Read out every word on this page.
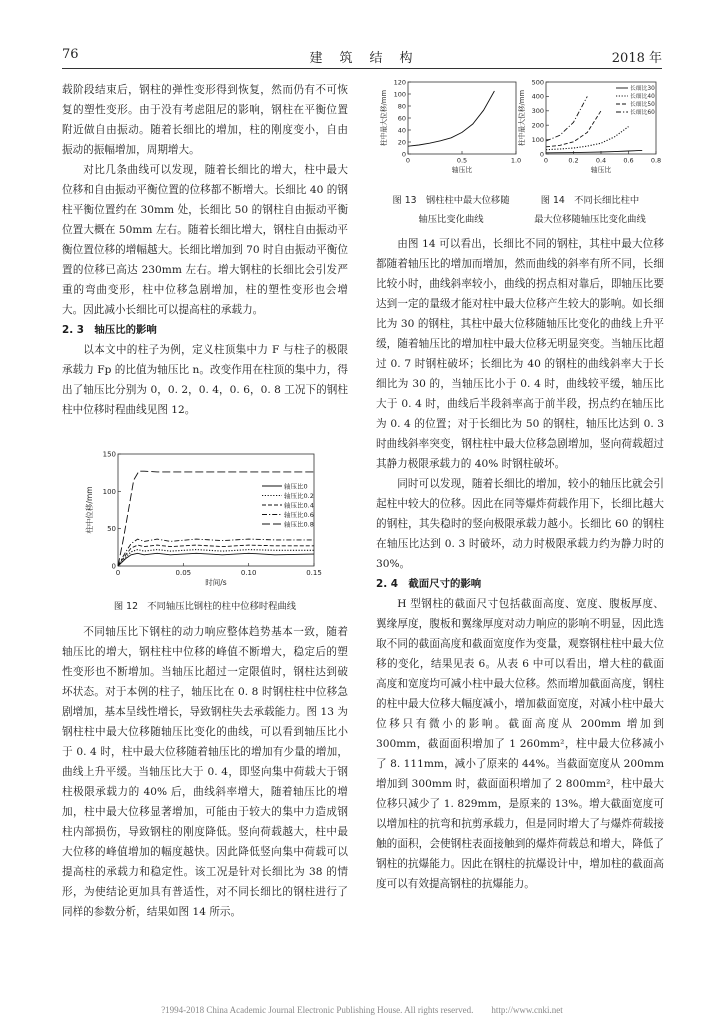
76	建　筑　结　构	2018 年

载阶段结束后，钢柱的弹性变形得到恢复，然而仍有不可恢复的塑性变形。由于没有考虑阻尼的影响，钢柱在平衡位置附近做自由振动。随着长细比的增加，柱的刚度变小，自由振动的振幅增加，周期增大。

对比几条曲线可以发现，随着长细比的增大，柱中最大位移和自由振动平衡位置的位移都不断增大。长细比 40 的钢柱平衡位置约在 30mm 处，长细比 50 的钢柱自由振动平衡位置大概在 50mm 左右。随着长细比增大，钢柱自由振动平衡位置位移的增幅越大。长细比增加到 70 时自由振动平衡位置的位移已高达 230mm 左右。增大钢柱的长细比会引发严重的弯曲变形，柱中位移急剧增加，柱的塑性变形也会增大。因此减小长细比可以提高柱的承载力。

2. 3　轴压比的影响

以本文中的柱子为例，定义柱顶集中力 F 与柱子的极限承载力 Fp 的比值为轴压比 n。改变作用在柱顶的集中力，得出了轴压比分别为 0，0. 2，0. 4，0. 6，0. 8 工况下的钢柱柱中位移时程曲线见图 12。

0	0.05	0.10	0.15
0
50
100
150
时间/s
柱中位移/mm
轴压比0
轴压比0.2
轴压比0.4
轴压比0.6
轴压比0.8
图 12　不同轴压比钢柱的柱中位移时程曲线

不同轴压比下钢柱的动力响应整体趋势基本一致，随着轴压比的增大，钢柱柱中位移的峰值不断增大，稳定后的塑性变形也不断增加。当轴压比超过一定限值时，钢柱达到破坏状态。对于本例的柱子，轴压比在 0. 8 时钢柱柱中位移急剧增加，基本呈线性增长，导致钢柱失去承载能力。图 13 为钢柱柱中最大位移随轴压比变化的曲线，可以看到轴压比小于 0. 4 时，柱中最大位移随着轴压比的增加有少量的增加，曲线上升平缓。当轴压比大于 0. 4，即竖向集中荷载大于钢柱极限承载力的 40% 后，曲线斜率增大，随着轴压比的增加，柱中最大位移显著增加，可能由于较大的集中力造成钢柱内部损伤，导致钢柱的刚度降低。竖向荷载越大，柱中最大位移的峰值增加的幅度越快。因此降低竖向集中荷载可以提高柱的承载力和稳定性。该工况是针对长细比为 38 的情形，为使结论更加具有普适性，对不同长细比的钢柱进行了同样的参数分析，结果如图 14 所示。

0	0.5	1.0
0
20
40
60
80
100
120
轴压比
柱中最大位移/mm
0	0.2	0.4	0.6	0.8
0
100
200
300
400
500
轴压比
柱中最大位移/mm
长细比30
长细比40
长细比50
长细比60
图 13　钢柱柱中最大位移随
轴压比变化曲线
图 14　不同长细比柱中
最大位移随轴压比变化曲线

由图 14 可以看出，长细比不同的钢柱，其柱中最大位移都随着轴压比的增加而增加，然而曲线的斜率有所不同，长细比较小时，曲线斜率较小，曲线的拐点相对靠后，即轴压比要达到一定的量级才能对柱中最大位移产生较大的影响。如长细比为 30 的钢柱，其柱中最大位移随轴压比变化的曲线上升平缓，随着轴压比的增加柱中最大位移无明显突变。当轴压比超过 0. 7 时钢柱破坏；长细比为 40 的钢柱的曲线斜率大于长细比为 30 的，当轴压比小于 0. 4 时，曲线较平缓，轴压比大于 0. 4 时，曲线后半段斜率高于前半段，拐点约在轴压比为 0. 4 的位置；对于长细比为 50 的钢柱，轴压比达到 0. 3 时曲线斜率突变，钢柱柱中最大位移急剧增加，竖向荷载超过其静力极限承载力的 40% 时钢柱破坏。

同时可以发现，随着长细比的增加，较小的轴压比就会引起柱中较大的位移。因此在同等爆炸荷载作用下，长细比越大的钢柱，其失稳时的竖向极限承载力越小。长细比 60 的钢柱在轴压比达到 0. 3 时破坏，动力时极限承载力约为静力时的 30%。

2. 4　截面尺寸的影响

H 型钢柱的截面尺寸包括截面高度、宽度、腹板厚度、翼缘厚度，腹板和翼缘厚度对动力响应的影响不明显，因此选取不同的截面高度和截面宽度作为变量，观察钢柱柱中最大位移的变化，结果见表 6。从表 6 中可以看出，增大柱的截面高度和宽度均可减小柱中最大位移。然而增加截面高度，钢柱的柱中最大位移大幅度减小，增加截面宽度，对减小柱中最大位移只有微小的影响。截面高度从 200mm 增加到 300mm，截面面积增加了 1 260mm²，柱中最大位移减小了 8. 111mm，减小了原来的 44%。当截面宽度从 200mm 增加到 300mm 时，截面面积增加了 2 800mm²，柱中最大位移只减少了 1. 829mm，是原来的 13%。增大截面宽度可以增加柱的抗弯和抗剪承载力，但是同时增大了与爆炸荷载接触的面积，会使钢柱表面接触到的爆炸荷载总和增大，降低了钢柱的抗爆能力。因此在钢柱的抗爆设计中，增加柱的截面高度可以有效提高钢柱的抗爆能力。

?1994-2018 China Academic Journal Electronic Publishing House. All rights reserved.　　http://www.cnki.net
